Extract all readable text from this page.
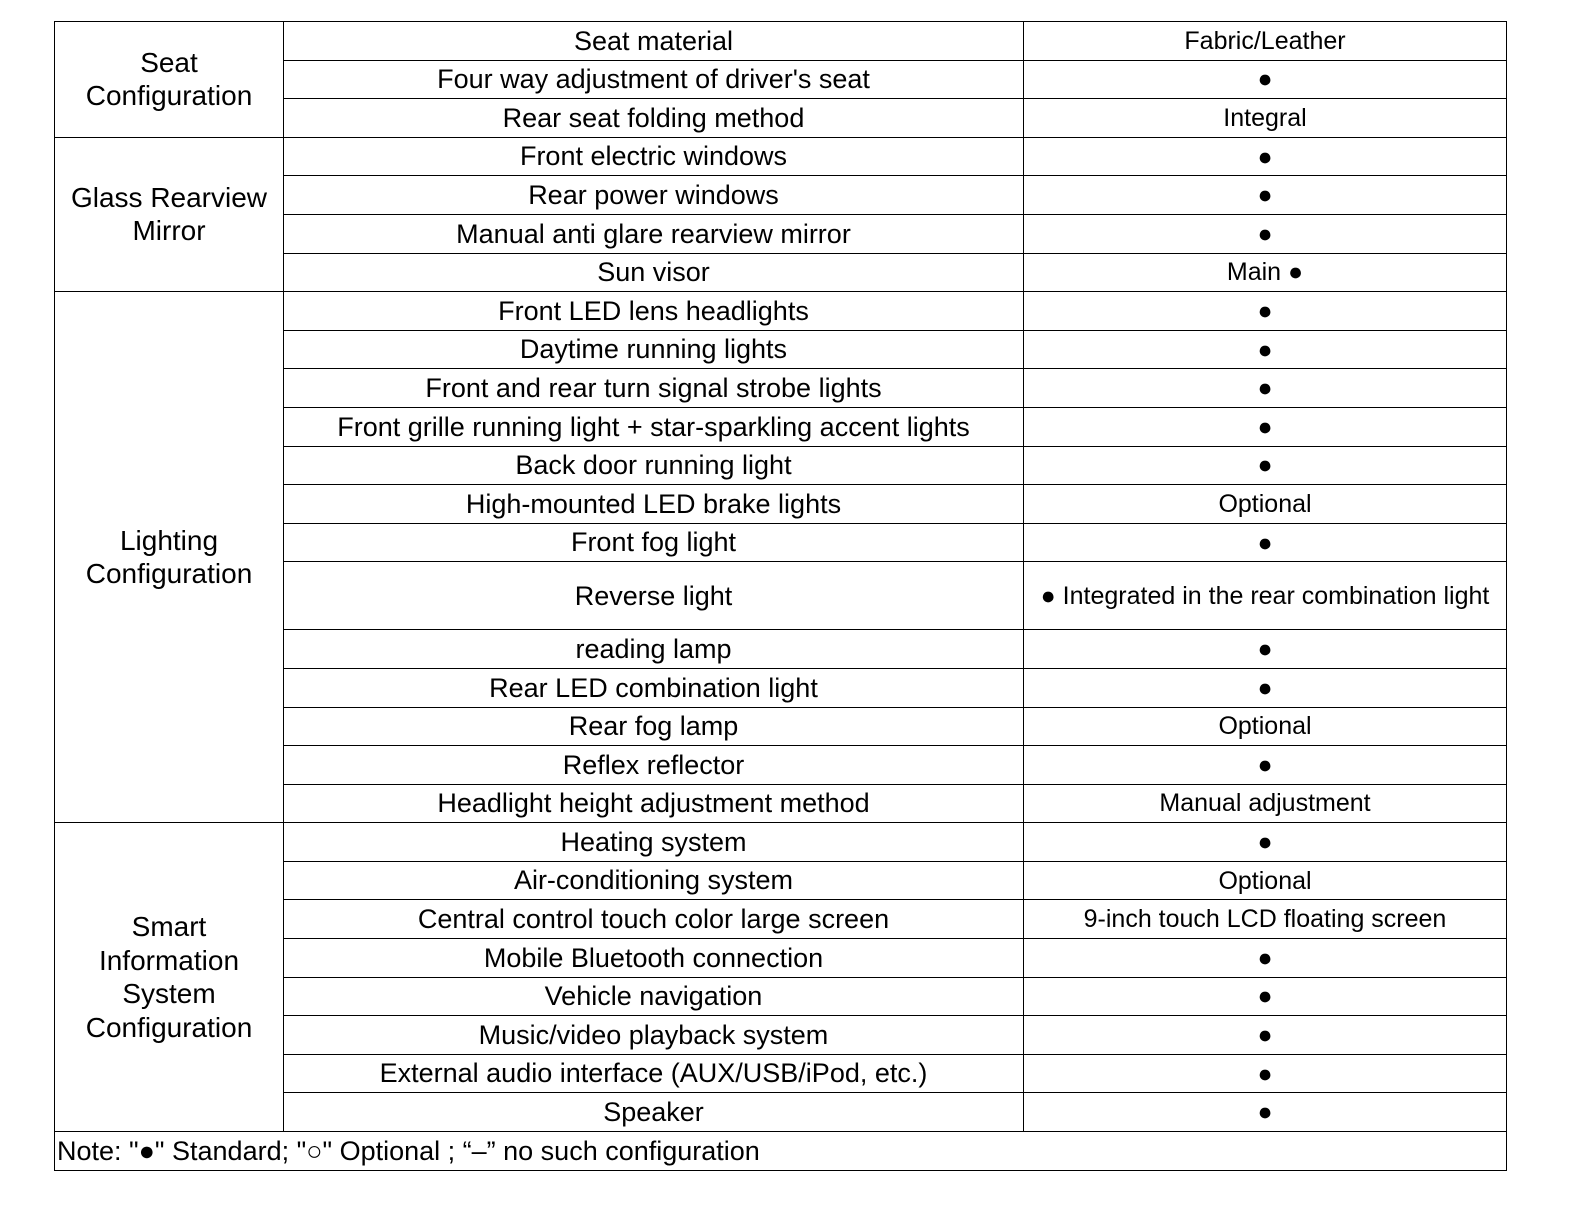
Seat
Configuration	Seat material	Fabric/Leather
	Four way adjustment of driver's seat	●
	Rear seat folding method	Integral
Glass Rearview
Mirror	Front electric windows	●
	Rear power windows	●
	Manual anti glare rearview mirror	●
	Sun visor	Main ●
Lighting
Configuration	Front LED lens headlights	●
	Daytime running lights	●
	Front and rear turn signal strobe lights	●
	Front grille running light + star-sparkling accent lights	●
	Back door running light	●
	High-mounted LED brake lights	Optional
	Front fog light	●
	Reverse light	● Integrated in the rear combination light
	reading lamp	●
	Rear LED combination light	●
	Rear fog lamp	Optional
	Reflex reflector	●
	Headlight height adjustment method	Manual adjustment
Smart
Information
System
Configuration	Heating system	●
	Air-conditioning system	Optional
	Central control touch color large screen	9-inch touch LCD floating screen
	Mobile Bluetooth connection	●
	Vehicle navigation	●
	Music/video playback system	●
	External audio interface (AUX/USB/iPod, etc.)	●
	Speaker	●
Note: "●" Standard; "○" Optional ; “–” no such configuration		
